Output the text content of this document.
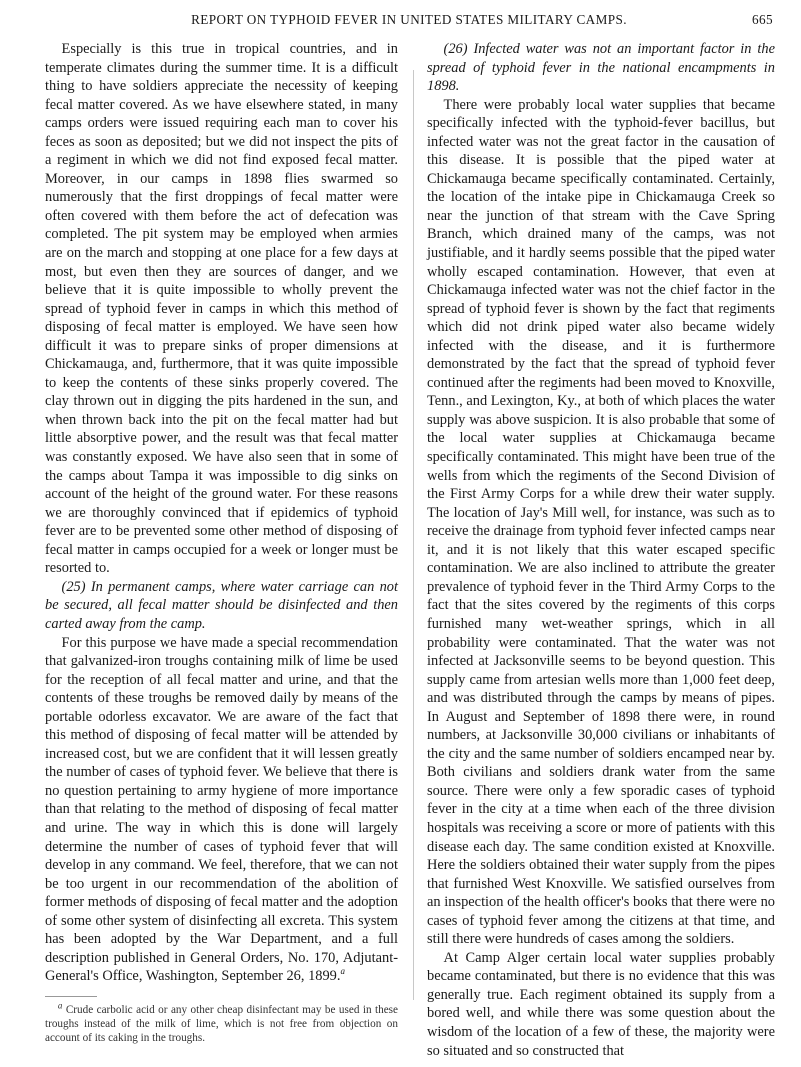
REPORT ON TYPHOID FEVER IN UNITED STATES MILITARY CAMPS.	665

Especially is this true in tropical countries, and in temperate climates during the summer time. It is a difficult thing to have soldiers appreciate the necessity of keeping fecal matter covered. As we have elsewhere stated, in many camps orders were issued requiring each man to cover his feces as soon as deposited; but we did not inspect the pits of a regiment in which we did not find exposed fecal matter. Moreover, in our camps in 1898 flies swarmed so numerously that the first droppings of fecal matter were often covered with them before the act of defecation was completed. The pit system may be employed when armies are on the march and stopping at one place for a few days at most, but even then they are sources of danger, and we believe that it is quite impossible to wholly prevent the spread of typhoid fever in camps in which this method of disposing of fecal matter is employed. We have seen how difficult it was to prepare sinks of proper dimensions at Chickamauga, and, furthermore, that it was quite impossible to keep the contents of these sinks properly covered. The clay thrown out in digging the pits hardened in the sun, and when thrown back into the pit on the fecal matter had but little absorptive power, and the result was that fecal matter was constantly exposed. We have also seen that in some of the camps about Tampa it was impossible to dig sinks on account of the height of the ground water. For these reasons we are thoroughly convinced that if epidemics of typhoid fever are to be prevented some other method of disposing of fecal matter in camps occupied for a week or longer must be resorted to.

(25) In permanent camps, where water carriage can not be secured, all fecal matter should be disinfected and then carted away from the camp.

For this purpose we have made a special recommendation that galvanized-iron troughs containing milk of lime be used for the reception of all fecal matter and urine, and that the contents of these troughs be removed daily by means of the portable odorless excavator. We are aware of the fact that this method of disposing of fecal matter will be attended by increased cost, but we are confident that it will lessen greatly the number of cases of typhoid fever. We believe that there is no question pertaining to army hygiene of more importance than that relating to the method of disposing of fecal matter and urine. The way in which this is done will largely determine the number of cases of typhoid fever that will develop in any command. We feel, therefore, that we can not be too urgent in our recommendation of the abolition of former methods of disposing of fecal matter and the adoption of some other system of disinfecting all excreta. This system has been adopted by the War Department, and a full description published in General Orders, No. 170, Adjutant-General's Office, Washington, September 26, 1899.$^a$

$^a$ Crude carbolic acid or any other cheap disinfectant may be used in these troughs instead of the milk of lime, which is not free from objection on account of its caking in the troughs.

(26) Infected water was not an important factor in the spread of typhoid fever in the national encampments in 1898.

There were probably local water supplies that became specifically infected with the typhoid-fever bacillus, but infected water was not the great factor in the causation of this disease. It is possible that the piped water at Chickamauga became specifically contaminated. Certainly, the location of the intake pipe in Chickamauga Creek so near the junction of that stream with the Cave Spring Branch, which drained many of the camps, was not justifiable, and it hardly seems possible that the piped water wholly escaped contamination. However, that even at Chickamauga infected water was not the chief factor in the spread of typhoid fever is shown by the fact that regiments which did not drink piped water also became widely infected with the disease, and it is furthermore demonstrated by the fact that the spread of typhoid fever continued after the regiments had been moved to Knoxville, Tenn., and Lexington, Ky., at both of which places the water supply was above suspicion. It is also probable that some of the local water supplies at Chickamauga became specifically contaminated. This might have been true of the wells from which the regiments of the Second Division of the First Army Corps for a while drew their water supply. The location of Jay's Mill well, for instance, was such as to receive the drainage from typhoid fever infected camps near it, and it is not likely that this water escaped specific contamination. We are also inclined to attribute the greater prevalence of typhoid fever in the Third Army Corps to the fact that the sites covered by the regiments of this corps furnished many wet-weather springs, which in all probability were contaminated. That the water was not infected at Jacksonville seems to be beyond question. This supply came from artesian wells more than 1,000 feet deep, and was distributed through the camps by means of pipes. In August and September of 1898 there were, in round numbers, at Jacksonville 30,000 civilians or inhabitants of the city and the same number of soldiers encamped near by. Both civilians and soldiers drank water from the same source. There were only a few sporadic cases of typhoid fever in the city at a time when each of the three division hospitals was receiving a score or more of patients with this disease each day. The same condition existed at Knoxville. Here the soldiers obtained their water supply from the pipes that furnished West Knoxville. We satisfied ourselves from an inspection of the health officer's books that there were no cases of typhoid fever among the citizens at that time, and still there were hundreds of cases among the soldiers.

At Camp Alger certain local water supplies probably became contaminated, but there is no evidence that this was generally true. Each regiment obtained its supply from a bored well, and while there was some question about the wisdom of the location of a few of these, the majority were so situated and so constructed that
